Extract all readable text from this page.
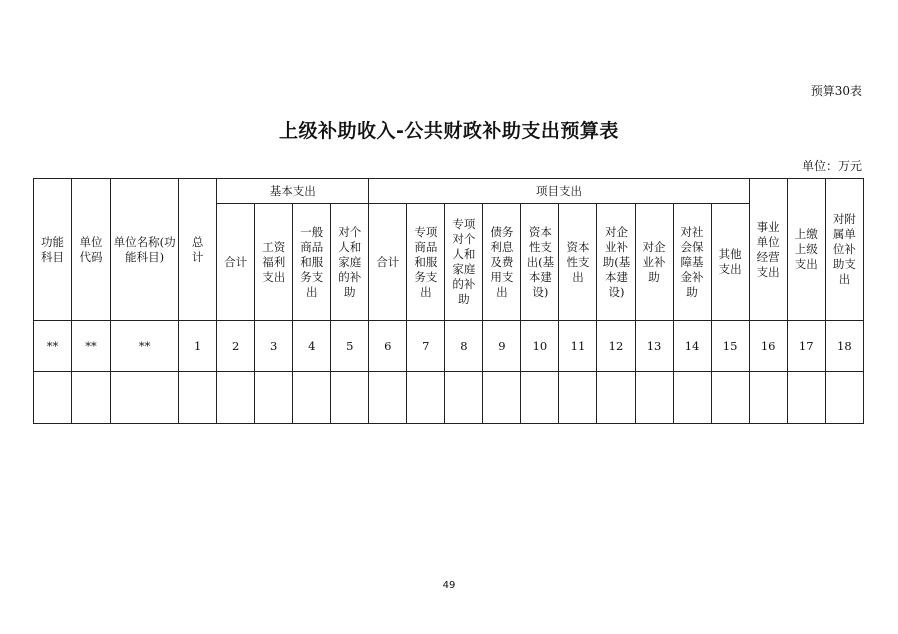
预算30表
上级补助收入-公共财政补助支出预算表
单位：万元
功能科目	单位代码	单位名称(功能科目)	总计	基本支出				项目支出										事业单位经营支出	上缴上级支出	对附属单位补助支出
				合计	工资福利支出	一般商品和服务支出	对个人和家庭的补助	合计	专项商品和服务支出	专项对个人和家庭的补助	债务利息及费用支出	资本性支出(基本建设)	资本性支出	对企业补助(基本建设)	对企业补助	对社会保障基金补助	其他支出			
**	**	**	1	2	3	4	5	6	7	8	9	10	11	12	13	14	15	16	17	18

49
